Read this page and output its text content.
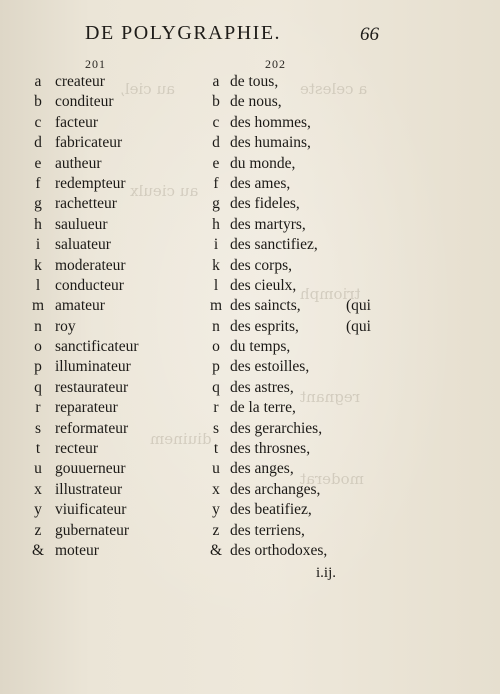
a celeste
au ciel,
au cieulx
triomph
regnant
moderat
diuinem
DE POLYGRAPHIE.	66
201	202
a createur	a de tous,
b conditeur	b de nous,
c facteur	c des hommes,
d fabricateur	d des humains,
e autheur	e du monde,
f redempteur	f des ames,
g rachetteur	g des fideles,
h saulueur	h des martyrs,
i saluateur	i des sanctifiez,
k moderateur	k des corps,
l conducteur	l des cieulx,
m amateur	m des saincts,	(qui
n roy	n des esprits,	(qui
o sanctificateur	o du temps,
p illuminateur	p des estoilles,
q restaurateur	q des astres,
r reparateur	r de la terre,
s reformateur	s des gerarchies,
t recteur	t des throsnes,
u gouuerneur	u des anges,
x illustrateur	x des archanges,
y viuificateur	y des beatifiez,
z gubernateur	z des terriens,
& moteur	& des orthodoxes,
i.ij.
